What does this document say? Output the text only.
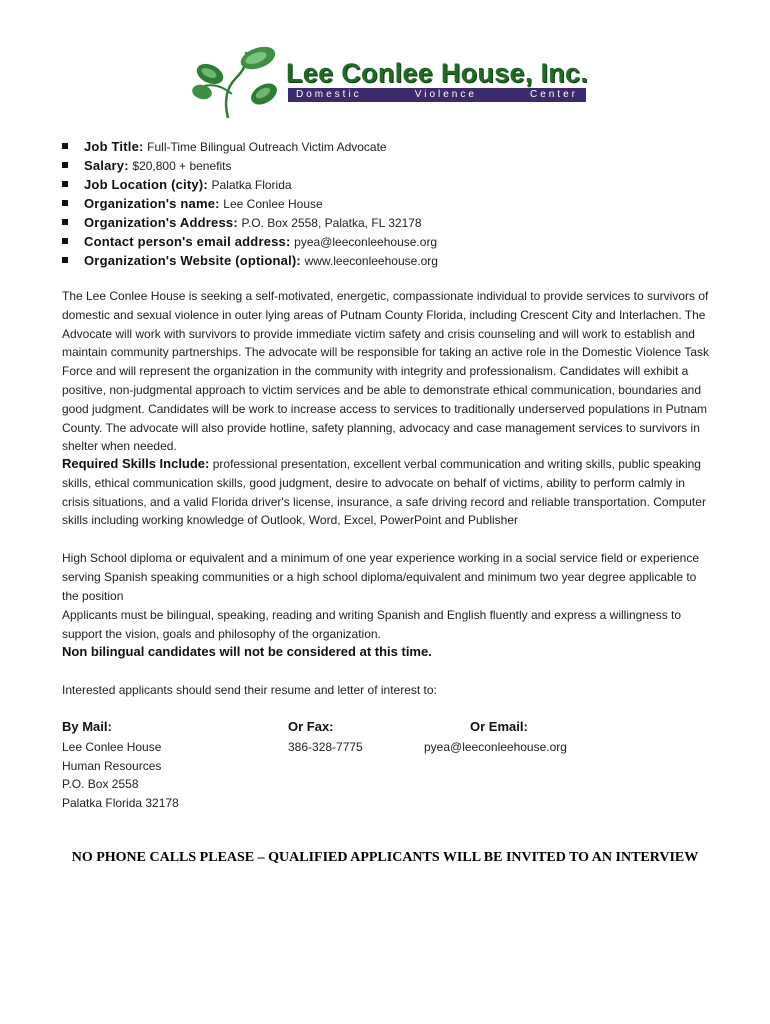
Lee Conlee House, Inc.
Domestic	Violence	Center
Job Title: Full-Time Bilingual Outreach Victim Advocate
Salary: $20,800 + benefits
Job Location (city): Palatka Florida
Organization's name: Lee Conlee House
Organization's Address: P.O. Box 2558, Palatka, FL 32178
Contact person's email address: pyea@leeconleehouse.org
Organization's Website (optional): www.leeconleehouse.org

The Lee Conlee House is seeking a self-motivated, energetic, compassionate individual to provide services to survivors of domestic and sexual violence in outer lying areas of Putnam County Florida, including Crescent City and Interlachen. The Advocate will work with survivors to provide immediate victim safety and crisis counseling and will work to establish and maintain community partnerships. The advocate will be responsible for taking an active role in the Domestic Violence Task Force and will represent the organization in the community with integrity and professionalism. Candidates will exhibit a positive, non-judgmental approach to victim services and be able to demonstrate ethical communication, boundaries and good judgment. Candidates will be work to increase access to services to traditionally underserved populations in Putnam County. The advocate will also provide hotline, safety planning, advocacy and case management services to survivors in shelter when needed.

Required Skills Include: professional presentation, excellent verbal communication and writing skills, public speaking skills, ethical communication skills, good judgment, desire to advocate on behalf of victims, ability to perform calmly in crisis situations, and a valid Florida driver's license, insurance, a safe driving record and reliable transportation. Computer skills including working knowledge of Outlook, Word, Excel, PowerPoint and Publisher

High School diploma or equivalent and a minimum of one year experience working in a social service field or experience serving Spanish speaking communities or a high school diploma/equivalent and minimum two year degree applicable to the position

Applicants must be bilingual, speaking, reading and writing Spanish and English fluently and express a willingness to support the vision, goals and philosophy of the organization.

Non bilingual candidates will not be considered at this time.

Interested applicants should send their resume and letter of interest to:

By Mail:
Lee Conlee House
Human Resources
P.O. Box 2558
Palatka Florida 32178
Or Fax:
386-328-7775
Or Email:
pyea@leeconleehouse.org
NO PHONE CALLS PLEASE – QUALIFIED APPLICANTS WILL BE INVITED TO AN INTERVIEW
